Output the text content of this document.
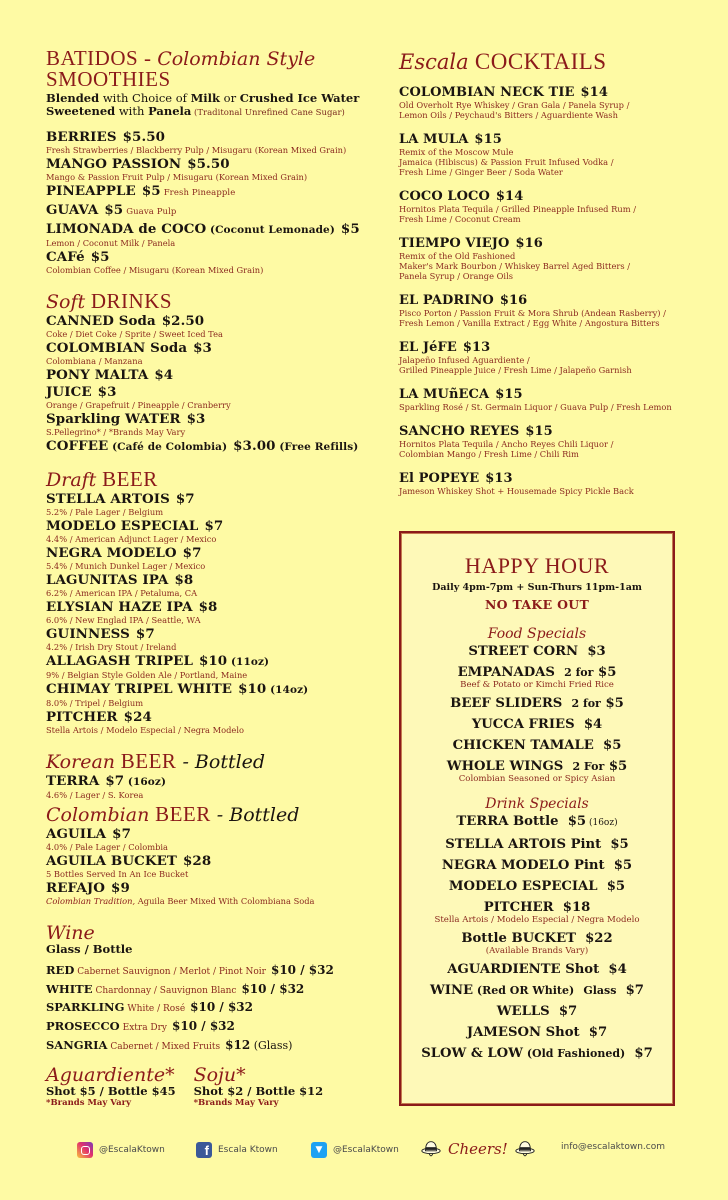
BATIDOS - Colombian Style SMOOTHIES
Blended with Choice of Milk or Crushed Ice Water
Sweetened with Panela (Traditonal Unrefined Cane Sugar)
BERRIES $5.50
Fresh Strawberries / Blackberry Pulp / Misugaru (Korean Mixed Grain)
MANGO PASSION $5.50
Mango & Passion Fruit Pulp / Misugaru (Korean Mixed Grain)
PINEAPPLE $5 Fresh Pineapple
GUAVA $5 Guava Pulp
LIMONADA de COCO (Coconut Lemonade) $5
Lemon / Coconut Milk / Panela
CAFé $5
Colombian Coffee / Misugaru (Korean Mixed Grain)
Soft DRINKS
CANNED Soda $2.50
Coke / Diet Coke / Sprite / Sweet Iced Tea
COLOMBIAN Soda $3
Colombiana / Manzana
PONY MALTA $4
JUICE $3
Orange / Grapefruit / Pineapple / Cranberry
Sparkling WATER $3
S.Pellegrino* / *Brands May Vary
COFFEE (Café de Colombia) $3.00 (Free Refills)
Draft BEER
STELLA ARTOIS $7
5.2% / Pale Lager / Belgium
MODELO ESPECIAL $7
4.4% / American Adjunct Lager / Mexico
NEGRA MODELO $7
5.4% / Munich Dunkel Lager / Mexico
LAGUNITAS IPA $8
6.2% / American IPA / Petaluma, CA
ELYSIAN HAZE IPA $8
6.0% / New Englad IPA / Seattle, WA
GUINNESS $7
4.2% / Irish Dry Stout / Ireland
ALLAGASH TRIPEL $10 (11oz)
9% / Belgian Style Golden Ale / Portland, Maine
CHIMAY TRIPEL WHITE $10 (14oz)
8.0% / Tripel / Belgium
PITCHER $24
Stella Artois / Modelo Especial / Negra Modelo
Korean BEER - Bottled
TERRA $7 (16oz)
4.6% / Lager / S. Korea
Colombian BEER - Bottled
AGUILA $7
4.0% / Pale Lager / Colombia
AGUILA BUCKET $28
5 Bottles Served In An Ice Bucket
REFAJO $9
Colombian Tradition, Aguila Beer Mixed With Colombiana Soda
Wine
Glass / Bottle
RED Cabernet Sauvignon / Merlot / Pinot Noir $10 / $32
WHITE Chardonnay / Sauvignon Blanc $10 / $32
SPARKLING White / Rosé $10 / $32
PROSECCO Extra Dry $10 / $32
SANGRIA Cabernet / Mixed Fruits $12 (Glass)
Aguardiente*
Shot $5 / Bottle $45
*Brands May Vary
Soju*
Shot $2 / Bottle $12
*Brands May Vary
Escala COCKTAILS
COLOMBIAN NECK TIE $14
Old Overholt Rye Whiskey / Gran Gala / Panela Syrup /
Lemon Oils / Peychaud's Bitters / Aguardiente Wash
LA MULA $15
Remix of the Moscow Mule
Jamaica (Hibiscus) & Passion Fruit Infused Vodka /
Fresh Lime / Ginger Beer / Soda Water
COCO LOCO $14
Hornitos Plata Tequila / Grilled Pineapple Infused Rum /
Fresh Lime / Coconut Cream
TIEMPO VIEJO $16
Remix of the Old Fashioned
Maker's Mark Bourbon / Whiskey Barrel Aged Bitters /
Panela Syrup / Orange Oils
EL PADRINO $16
Pisco Porton / Passion Fruit & Mora Shrub (Andean Rasberry) /
Fresh Lemon / Vanilla Extract / Egg White / Angostura Bitters
EL JéFE $13
Jalapeño Infused Aguardiente /
Grilled Pineapple Juice / Fresh Lime / Jalapeño Garnish
LA MUñECA $15
Sparkling Rosé / St. Germain Liquor / Guava Pulp / Fresh Lemon
SANCHO REYES $15
Hornitos Plata Tequila / Ancho Reyes Chili Liquor /
Colombian Mango / Fresh Lime / Chili Rim
El POPEYE $13
Jameson Whiskey Shot + Housemade Spicy Pickle Back
HAPPY HOUR
Daily 4pm-7pm + Sun-Thurs 11pm-1am
NO TAKE OUT
Food Specials
STREET CORN $3
EMPANADAS 2 for $5
Beef & Potato or Kimchi Fried Rice
BEEF SLIDERS 2 for $5
YUCCA FRIES $4
CHICKEN TAMALE $5
WHOLE WINGS 2 For $5
Colombian Seasoned or Spicy Asian
Drink Specials
TERRA Bottle $5 (16oz)
STELLA ARTOIS Pint $5
NEGRA MODELO Pint $5
MODELO ESPECIAL $5
PITCHER $18
Stella Artois / Modelo Especial / Negra Modelo
Bottle BUCKET $22
(Available Brands Vary)
AGUARDIENTE Shot $4
WINE (Red OR White) Glass $7
WELLS $7
JAMESON Shot $7
SLOW & LOW (Old Fashioned) $7
@EscalaKtown	f	Escala Ktown	▼	@EscalaKtown	info@escalaktown.com
Cheers!
